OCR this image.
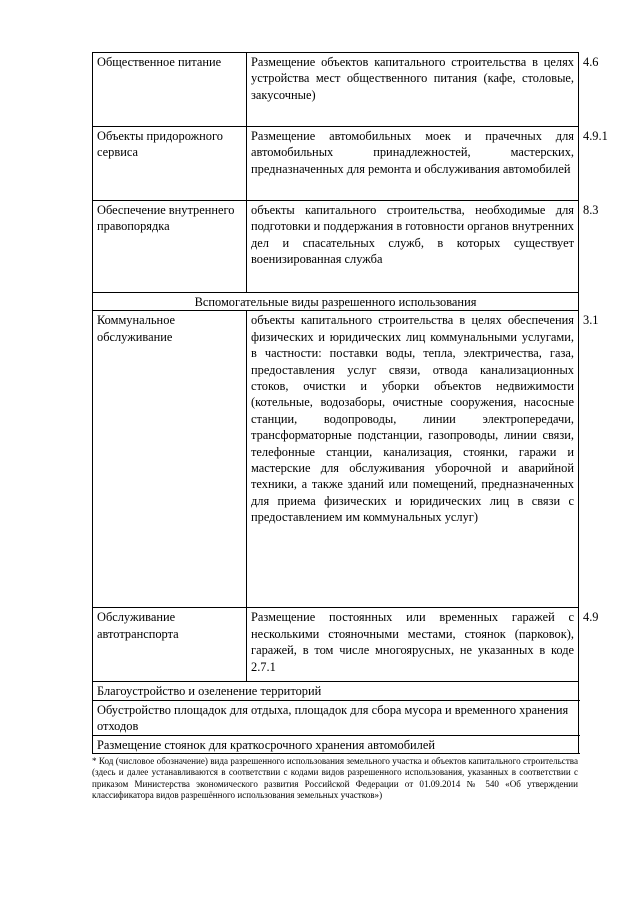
Общественное питание	Размещение объектов капитального строительства в целях устройства мест общественного питания (кафе, столовые, закусочные)	4.6
Объекты придорожного сервиса	Размещение автомобильных моек и прачечных для автомобильных принадлежностей, мастерских, предназначенных для ремонта и обслуживания автомобилей	4.9.1
Обеспечение внутреннего правопорядка	объекты капитального строительства, необходимые для подготовки и поддержания в готовности органов внутренних дел и спасательных служб, в которых существует военизированная служба	8.3
Вспомогательные виды разрешенного использования		
Коммунальное обслуживание	объекты капитального строительства в целях обеспечения физических и юридических лиц коммунальными услугами, в частности: поставки воды, тепла, электричества, газа, предоставления услуг связи, отвода канализационных стоков, очистки и уборки объектов недвижимости (котельные, водозаборы, очистные сооружения, насосные станции, водопроводы, линии электропередачи, трансформаторные подстанции, газопроводы, линии связи, телефонные станции, канализация, стоянки, гаражи и мастерские для обслуживания уборочной и аварийной техники, а также зданий или помещений, предназначенных для приема физических и юридических лиц в связи с предоставлением им коммунальных услуг)	3.1
Обслуживание автотранспорта	Размещение постоянных или временных гаражей с несколькими стояночными местами, стоянок (парковок), гаражей, в том числе многоярусных, не указанных в коде 2.7.1	4.9
Благоустройство и озеленение территорий		
Обустройство площадок для отдыха, площадок для сбора мусора и временного хранения отходов		
Размещение стоянок для краткосрочного хранения автомобилей		
* Код (числовое обозначение) вида разрешенного использования земельного участка и объектов капитального строительства (здесь и далее устанавливаются в соответствии с кодами видов разрешенного использования, указанных в соответствии с приказом Министерства экономического развития Российской Федерации от 01.09.2014 № 540 «Об утверждении классификатора видов разрешённого использования земельных участков»)
